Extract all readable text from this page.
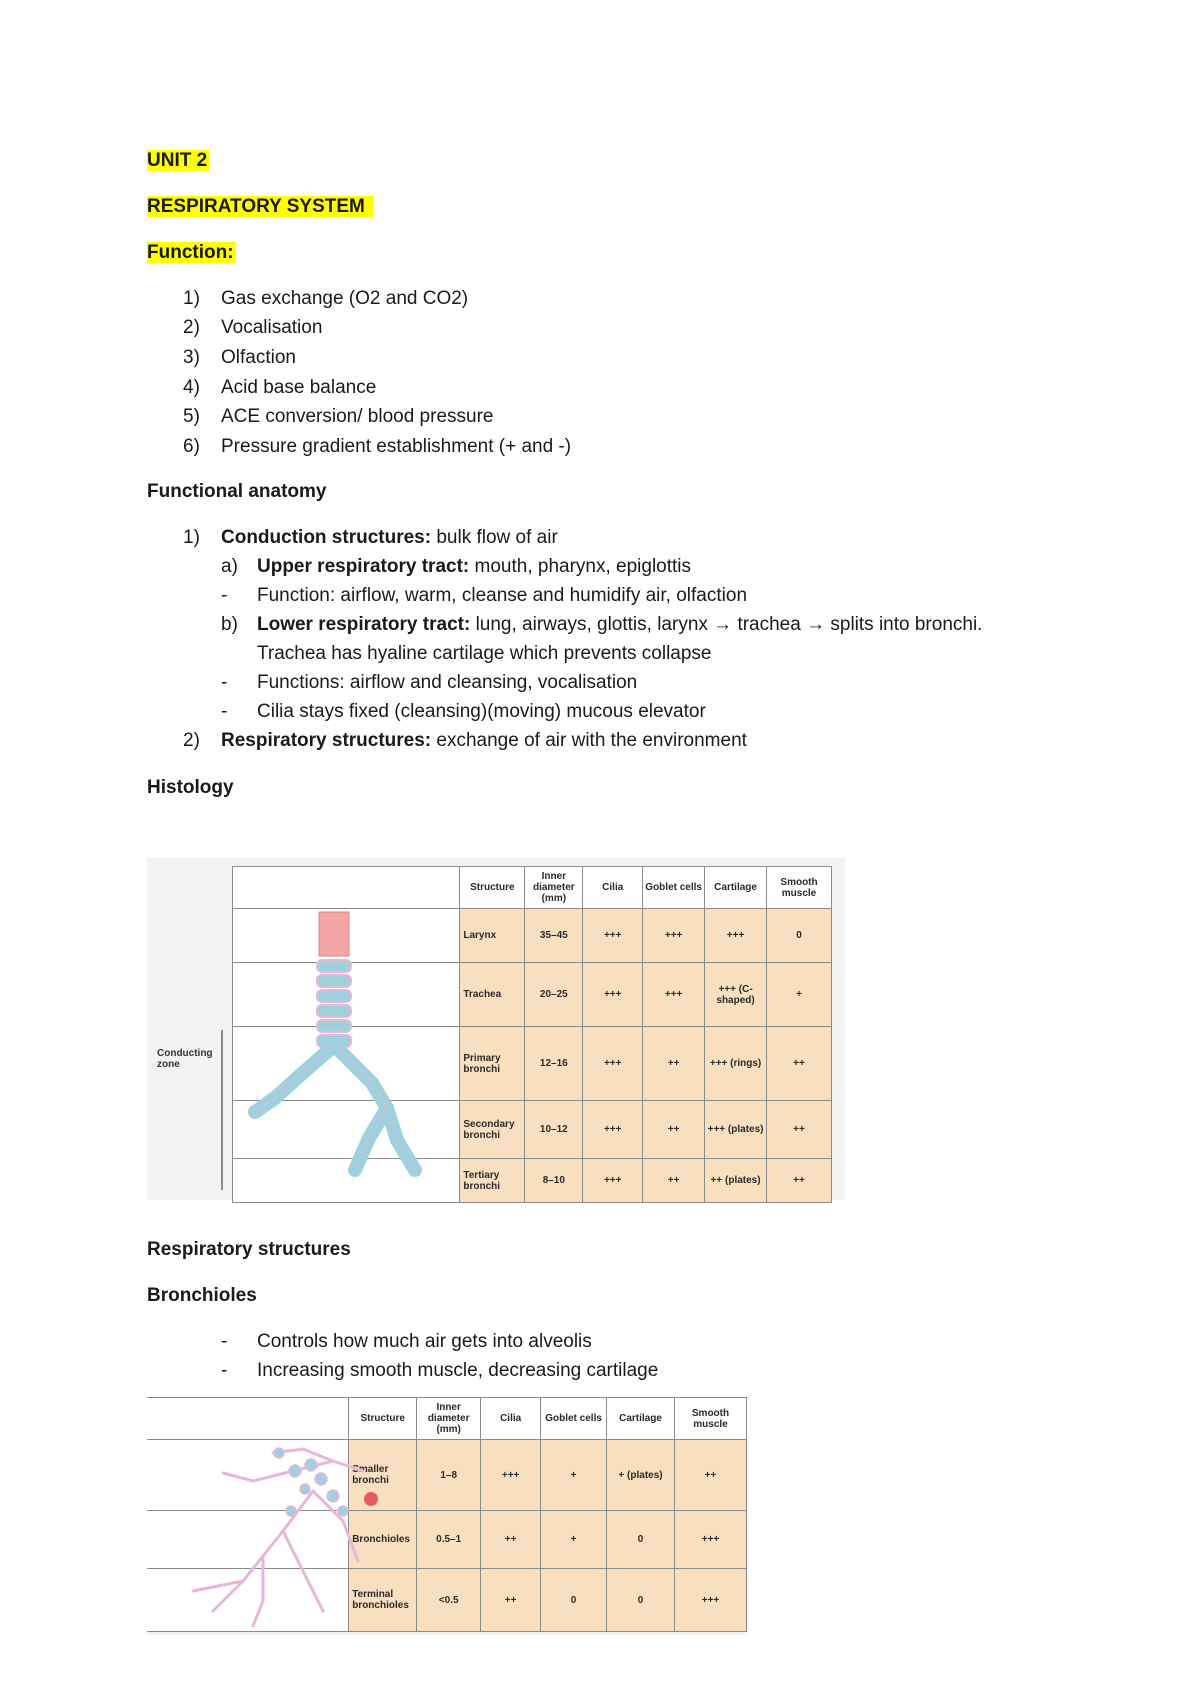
UNIT 2
RESPIRATORY SYSTEM
Function:
1) Gas exchange (O2 and CO2)
2) Vocalisation
3) Olfaction
4) Acid base balance
5) ACE conversion/ blood pressure
6) Pressure gradient establishment (+ and -)
Functional anatomy
1) Conduction structures: bulk flow of air
a) Upper respiratory tract: mouth, pharynx, epiglottis
- Function: airflow, warm, cleanse and humidify air, olfaction
b) Lower respiratory tract: lung, airways, glottis, larynx → trachea → splits into bronchi.
Trachea has hyaline cartilage which prevents collapse
- Functions: airflow and cleansing, vocalisation
- Cilia stays fixed (cleansing)(moving) mucous elevator
2) Respiratory structures: exchange of air with the environment
Histology
Conducting zone
	Structure	Inner diameter (mm)	Cilia	Goblet cells	Cartilage	Smooth muscle
	Larynx	35–45	+++	+++	+++	0
	Trachea	20–25	+++	+++	+++ (C-shaped)	+
	Primary bronchi	12–16	+++	++	+++ (rings)	++
	Secondary bronchi	10–12	+++	++	+++ (plates)	++
	Tertiary bronchi	8–10	+++	++	++ (plates)	++
Respiratory structures
Bronchioles
- Controls how much air gets into alveolis
- Increasing smooth muscle, decreasing cartilage
	Structure	Inner diameter (mm)	Cilia	Goblet cells	Cartilage	Smooth muscle
	Smaller bronchi	1–8	+++	+	+ (plates)	++
	Bronchioles	0.5–1	++	+	0	+++
	Terminal bronchioles	<0.5	++	0	0	+++
